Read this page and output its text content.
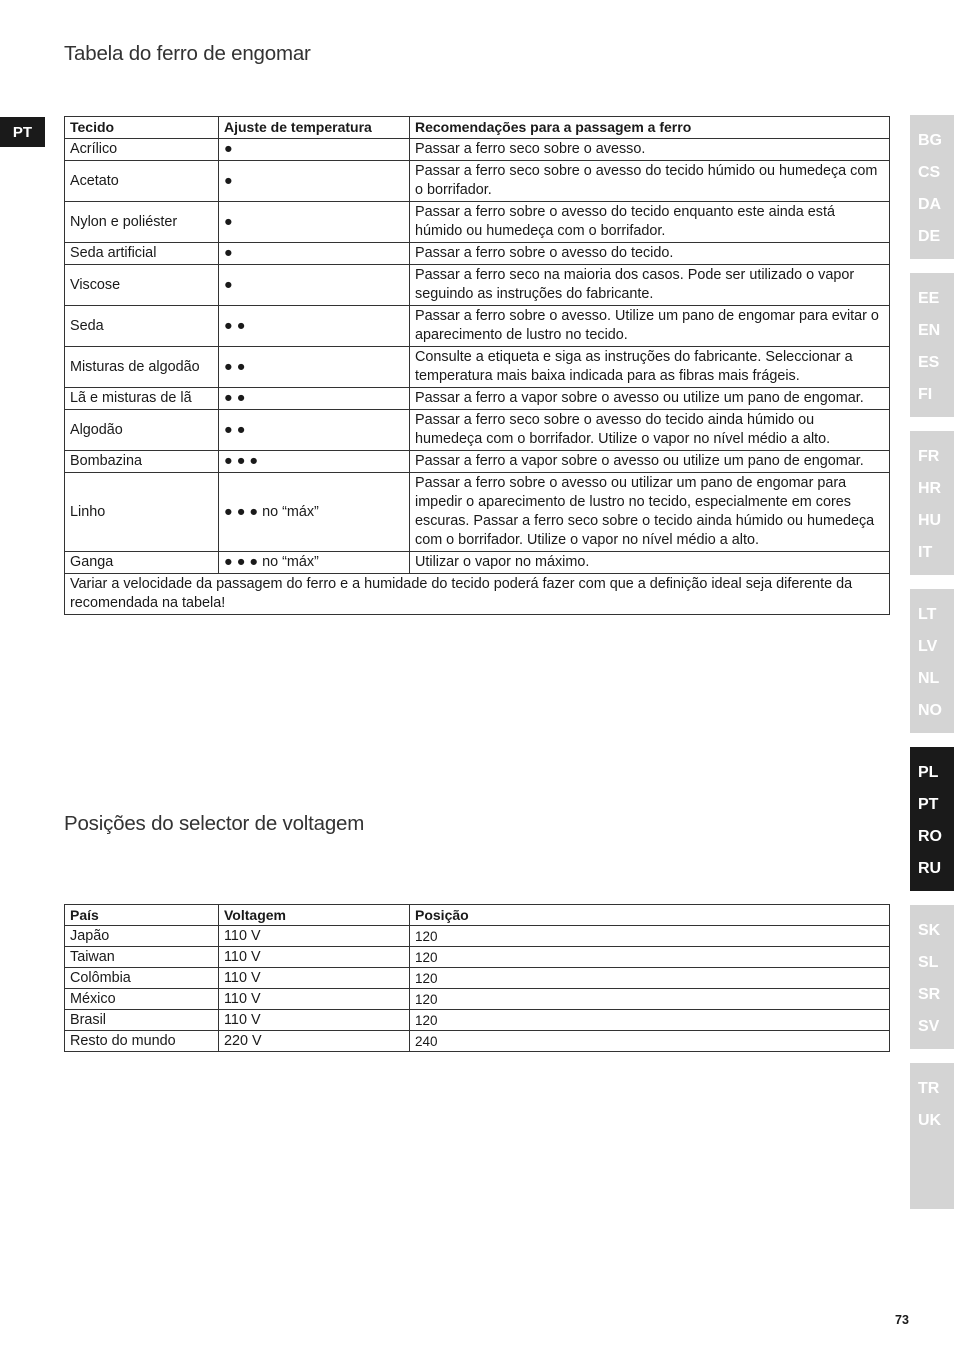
Tabela do ferro de engomar
PT	Tecido	Ajuste de temperatura	Recomendações para a passagem a ferro
Acrílico	●	Passar a ferro seco sobre o avesso.
Acetato	●	Passar a ferro seco sobre o avesso do tecido húmido ou humedeça com o borrifador.
Nylon e poliéster	●	Passar a ferro sobre o avesso do tecido enquanto este ainda está húmido ou humedeça com o borrifador.
Seda artificial	●	Passar a ferro sobre o avesso do tecido.
Viscose	●	Passar a ferro seco na maioria dos casos. Pode ser utilizado o vapor seguindo as instruções do fabricante.
Seda	● ●	Passar a ferro sobre o avesso. Utilize um pano de engomar para evitar o aparecimento de lustro no tecido.
Misturas de algodão	● ●	Consulte a etiqueta e siga as instruções do fabricante. Seleccionar a temperatura mais baixa indicada para as fibras mais frágeis.
Lã e misturas de lã	● ●	Passar a ferro a vapor sobre o avesso ou utilize um pano de engomar.
Algodão	● ●	Passar a ferro seco sobre o avesso do tecido ainda húmido ou humedeça com o borrifador. Utilize o vapor no nível médio a alto.
Bombazina	● ● ●	Passar a ferro a vapor sobre o avesso ou utilize um pano de engomar.
Linho	● ● ● no “máx”	Passar a ferro sobre o avesso ou utilizar um pano de engomar para impedir o aparecimento de lustro no tecido, especialmente em cores escuras. Passar a ferro seco sobre o tecido ainda húmido ou humedeça com o borrifador. Utilize o vapor no nível médio a alto.
Ganga	● ● ● no “máx”	Utilizar o vapor no máximo.
Variar a velocidade da passagem do ferro e a humidade do tecido poderá fazer com que a definição ideal seja diferente da recomendada na tabela!		
Posições do selector de voltagem
País	Voltagem	Posição
Japão	110 V	120
Taiwan	110 V	120
Colômbia	110 V	120
México	110 V	120
Brasil	110 V	120
Resto do mundo	220 V	240
BG
CS
DA
DE
EE
EN
ES
FI
FR
HR
HU
IT
LT
LV
NL
NO
PL
PT
RO
RU
SK
SL
SR
SV
TR
UK
73
